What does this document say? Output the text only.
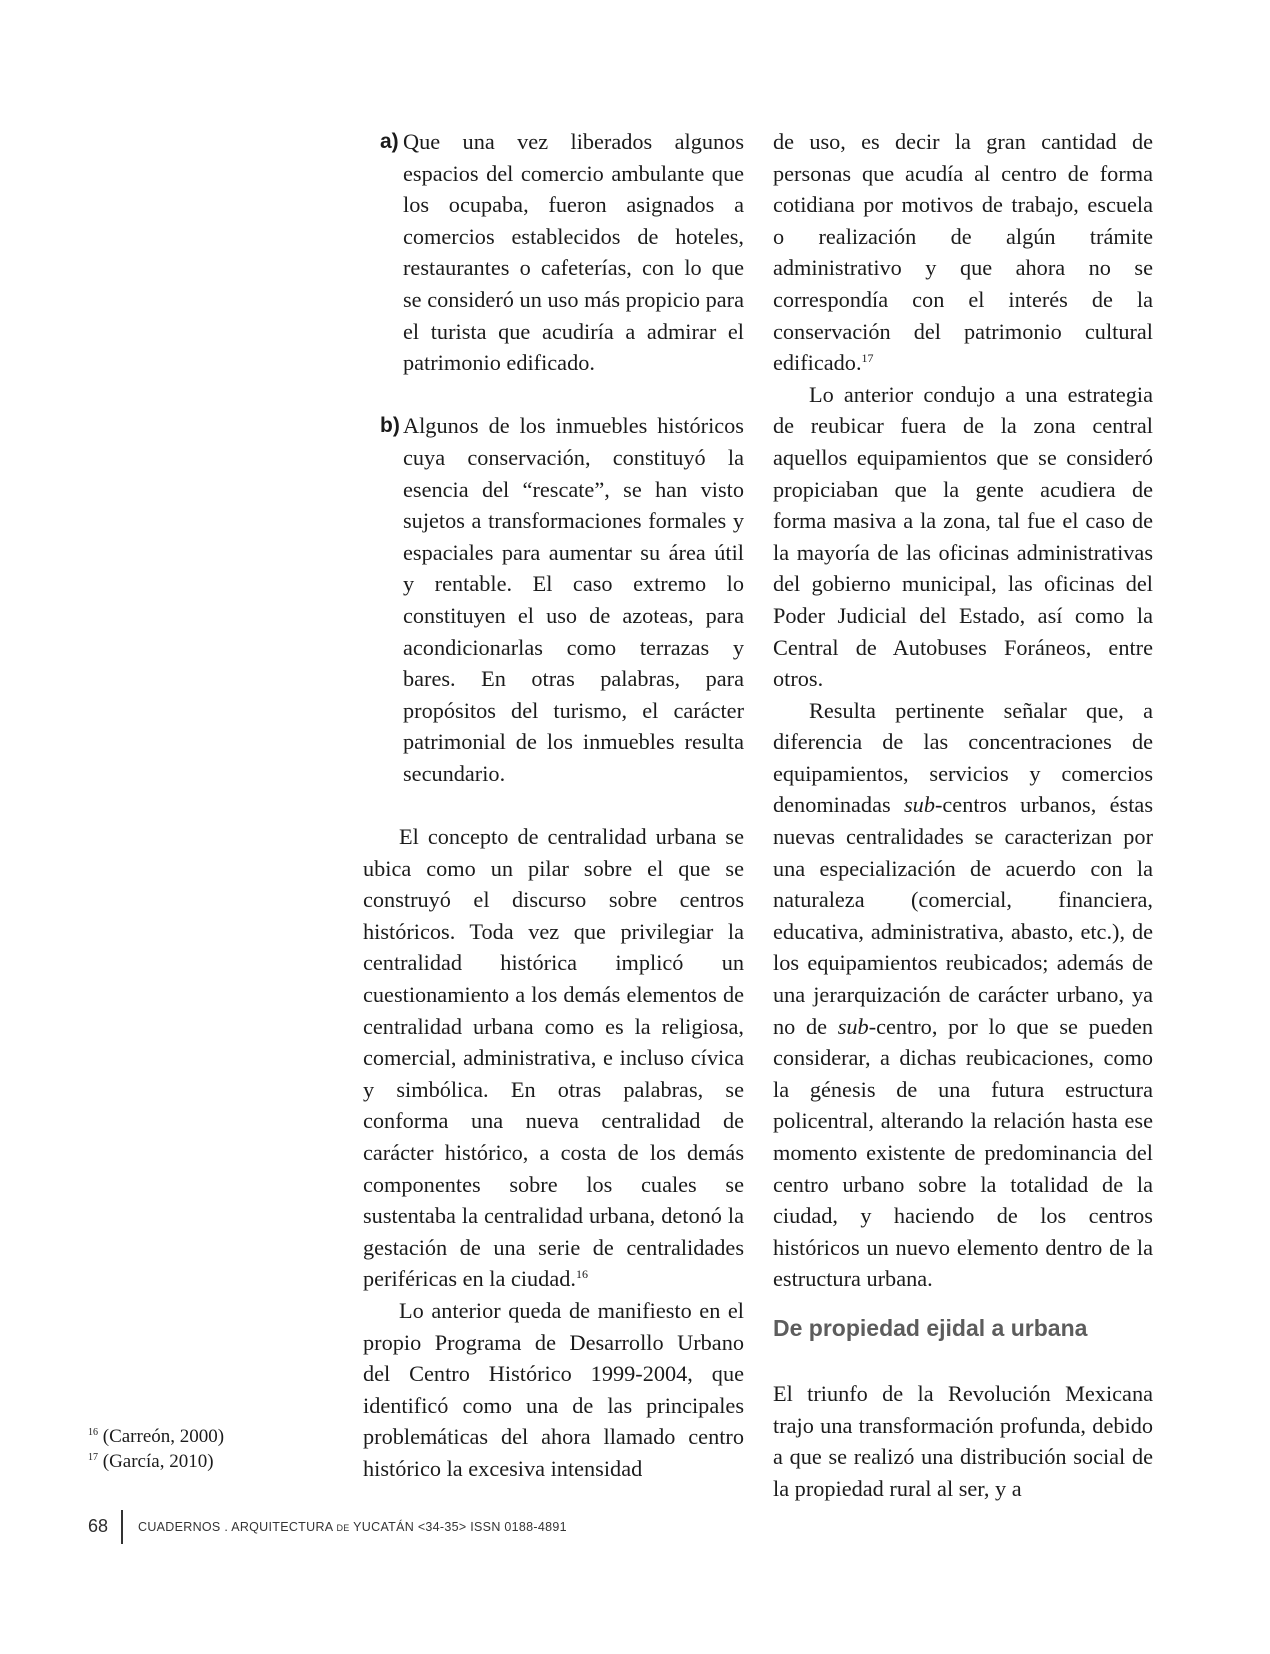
a) Que una vez liberados algunos espacios del comercio ambulante que los ocupaba, fueron asignados a comercios establecidos de hoteles, restaurantes o cafeterías, con lo que se consideró un uso más propicio para el turista que acudiría a admirar el patrimonio edificado.
b) Algunos de los inmuebles históricos cuya conservación, constituyó la esencia del “rescate”, se han visto sujetos a transformaciones formales y espaciales para aumentar su área útil y rentable. El caso extremo lo constituyen el uso de azoteas, para acondicionarlas como terrazas y bares. En otras palabras, para propósitos del turismo, el carácter patrimonial de los inmuebles resulta secundario.

El concepto de centralidad urbana se ubica como un pilar sobre el que se construyó el discurso sobre centros históricos. Toda vez que privilegiar la centralidad histórica implicó un cuestionamiento a los demás elementos de centralidad urbana como es la religiosa, comercial, administrativa, e incluso cívica y simbólica. En otras palabras, se conforma una nueva centralidad de carácter histórico, a costa de los demás componentes sobre los cuales se sustentaba la centralidad urbana, detonó la gestación de una serie de centralidades periféricas en la ciudad.$^{16}$

Lo anterior queda de manifiesto en el propio Programa de Desarrollo Urbano del Centro Histórico 1999-2004, que identificó como una de las principales problemáticas del ahora llamado centro histórico la excesiva intensidad

de uso, es decir la gran cantidad de personas que acudía al centro de forma cotidiana por motivos de trabajo, escuela o realización de algún trámite administrativo y que ahora no se correspondía con el interés de la conservación del patrimonio cultural edificado.$^{17}$

Lo anterior condujo a una estrategia de reubicar fuera de la zona central aquellos equipamientos que se consideró propiciaban que la gente acudiera de forma masiva a la zona, tal fue el caso de la mayoría de las oficinas administrativas del gobierno municipal, las oficinas del Poder Judicial del Estado, así como la Central de Autobuses Foráneos, entre otros.

Resulta pertinente señalar que, a diferencia de las concentraciones de equipamientos, servicios y comercios denominadas sub-centros urbanos, éstas nuevas centralidades se caracterizan por una especialización de acuerdo con la naturaleza (comercial, financiera, educativa, administrativa, abasto, etc.), de los equipamientos reubicados; además de una jerarquización de carácter urbano, ya no de sub-centro, por lo que se pueden considerar, a dichas reubicaciones, como la génesis de una futura estructura policentral, alterando la relación hasta ese momento existente de predominancia del centro urbano sobre la totalidad de la ciudad, y haciendo de los centros históricos un nuevo elemento dentro de la estructura urbana.

De propiedad ejidal a urbana

El triunfo de la Revolución Mexicana trajo una transformación profunda, debido a que se realizó una distribución social de la propiedad rural al ser, y a

$^{16}$ (Carreón, 2000)
$^{17}$ (García, 2010)
68 CUADERNOS . ARQUITECTURA DE YUCATÁN <34-35> ISSN 0188-4891
